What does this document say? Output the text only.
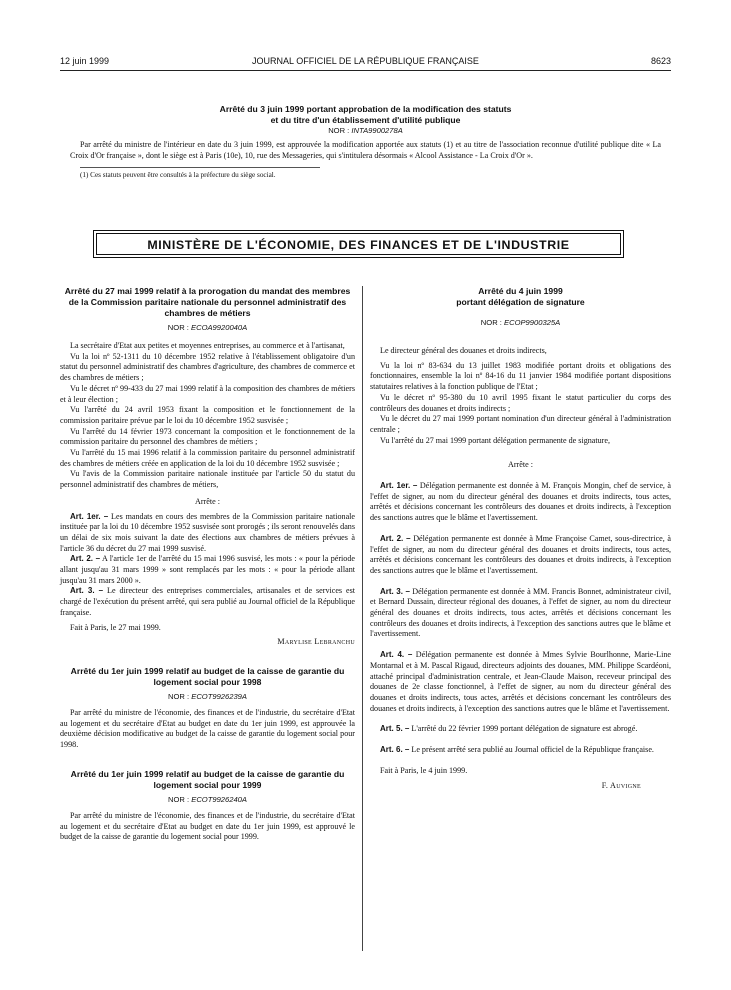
12 juin 1999	JOURNAL OFFICIEL DE LA RÉPUBLIQUE FRANÇAISE	8623
Arrêté du 3 juin 1999 portant approbation de la modification des statuts
et du titre d'un établissement d'utilité publique
NOR : INTA9900278A

Par arrêté du ministre de l'intérieur en date du 3 juin 1999, est approuvée la modification apportée aux statuts (1) et au titre de l'association reconnue d'utilité publique dite « La Croix d'Or française », dont le siège est à Paris (10e), 10, rue des Messageries, qui s'intitulera désormais « Alcool Assistance - La Croix d'Or ».

(1) Ces statuts peuvent être consultés à la préfecture du siège social.

MINISTÈRE DE L'ÉCONOMIE, DES FINANCES ET DE L'INDUSTRIE
Arrêté du 27 mai 1999 relatif à la prorogation du mandat des membres de la Commission paritaire nationale du personnel administratif des chambres de métiers
NOR : ECOA9920040A

La secrétaire d'Etat aux petites et moyennes entreprises, au commerce et à l'artisanat,

Vu la loi nº 52-1311 du 10 décembre 1952 relative à l'établissement obligatoire d'un statut du personnel administratif des chambres d'agriculture, des chambres de commerce et des chambres de métiers ;

Vu le décret nº 99-433 du 27 mai 1999 relatif à la composition des chambres de métiers et à leur élection ;

Vu l'arrêté du 24 avril 1953 fixant la composition et le fonctionnement de la commission paritaire prévue par le loi du 10 décembre 1952 susvisée ;

Vu l'arrêté du 14 février 1973 concernant la composition et le fonctionnement de la commission paritaire du personnel des chambres de métiers ;

Vu l'arrêté du 15 mai 1996 relatif à la commission paritaire du personnel administratif des chambres de métiers créée en application de la loi du 10 décembre 1952 susvisée ;

Vu l'avis de la Commission paritaire nationale instituée par l'article 50 du statut du personnel administratif des chambres de métiers,

Arrête :

Art. 1er. – Les mandats en cours des membres de la Commission paritaire nationale instituée par la loi du 10 décembre 1952 susvisée sont prorogés ; ils seront renouvelés dans un délai de six mois suivant la date des élections aux chambres de métiers prévues à l'article 36 du décret du 27 mai 1999 susvisé.

Art. 2. – A l'article 1er de l'arrêté du 15 mai 1996 susvisé, les mots : « pour la période allant jusqu'au 31 mars 1999 » sont remplacés par les mots : « pour la période allant jusqu'au 31 mars 2000 ».

Art. 3. – Le directeur des entreprises commerciales, artisanales et de services est chargé de l'exécution du présent arrêté, qui sera publié au Journal officiel de la République française.

Fait à Paris, le 27 mai 1999.

Marylise Lebranchu

Arrêté du 1er juin 1999 relatif au budget de la caisse de garantie du logement social pour 1998
NOR : ECOT9926239A

Par arrêté du ministre de l'économie, des finances et de l'industrie, du secrétaire d'Etat au logement et du secrétaire d'Etat au budget en date du 1er juin 1999, est approuvée la deuxième décision modificative au budget de la caisse de garantie du logement social pour 1998.

Arrêté du 1er juin 1999 relatif au budget de la caisse de garantie du logement social pour 1999
NOR : ECOT9926240A

Par arrêté du ministre de l'économie, des finances et de l'industrie, du secrétaire d'Etat au logement et du secrétaire d'Etat au budget en date du 1er juin 1999, est approuvé le budget de la caisse de garantie du logement social pour 1999.

Arrêté du 4 juin 1999
portant délégation de signature
NOR : ECOP9900325A

Le directeur général des douanes et droits indirects,

Vu la loi nº 83-634 du 13 juillet 1983 modifiée portant droits et obligations des fonctionnaires, ensemble la loi nº 84-16 du 11 janvier 1984 modifiée portant dispositions statutaires relatives à la fonction publique de l'Etat ;

Vu le décret nº 95-380 du 10 avril 1995 fixant le statut particulier du corps des contrôleurs des douanes et droits indirects ;

Vu le décret du 27 mai 1999 portant nomination d'un directeur général à l'administration centrale ;

Vu l'arrêté du 27 mai 1999 portant délégation permanente de signature,

Arrête :

Art. 1er. – Délégation permanente est donnée à M. François Mongin, chef de service, à l'effet de signer, au nom du directeur général des douanes et droits indirects, tous actes, arrêtés et décisions concernant les contrôleurs des douanes et droits indirects, à l'exception des sanctions autres que le blâme et l'avertissement.

Art. 2. – Délégation permanente est donnée à Mme Françoise Camet, sous-directrice, à l'effet de signer, au nom du directeur général des douanes et droits indirects, tous actes, arrêtés et décisions concernant les contrôleurs des douanes et droits indirects, à l'exception des sanctions autres que le blâme et l'avertissement.

Art. 3. – Délégation permanente est donnée à MM. Francis Bonnet, administrateur civil, et Bernard Dussain, directeur régional des douanes, à l'effet de signer, au nom du directeur général des douanes et droits indirects, tous actes, arrêtés et décisions concernant les contrôleurs des douanes et droits indirects, à l'exception des sanctions autres que le blâme et l'avertissement.

Art. 4. – Délégation permanente est donnée à Mmes Sylvie Bourlhonne, Marie-Line Montarnal et à M. Pascal Rigaud, directeurs adjoints des douanes, MM. Philippe Scardéoni, attaché principal d'administration centrale, et Jean-Claude Maison, receveur principal des douanes de 2e classe fonctionnel, à l'effet de signer, au nom du directeur général des douanes et droits indirects, tous actes, arrêtés et décisions concernant les contrôleurs des douanes et droits indirects, à l'exception des sanctions autres que le blâme et l'avertissement.

Art. 5. – L'arrêté du 22 février 1999 portant délégation de signature est abrogé.

Art. 6. – Le présent arrêté sera publié au Journal officiel de la République française.

Fait à Paris, le 4 juin 1999.

F. Auvigne
